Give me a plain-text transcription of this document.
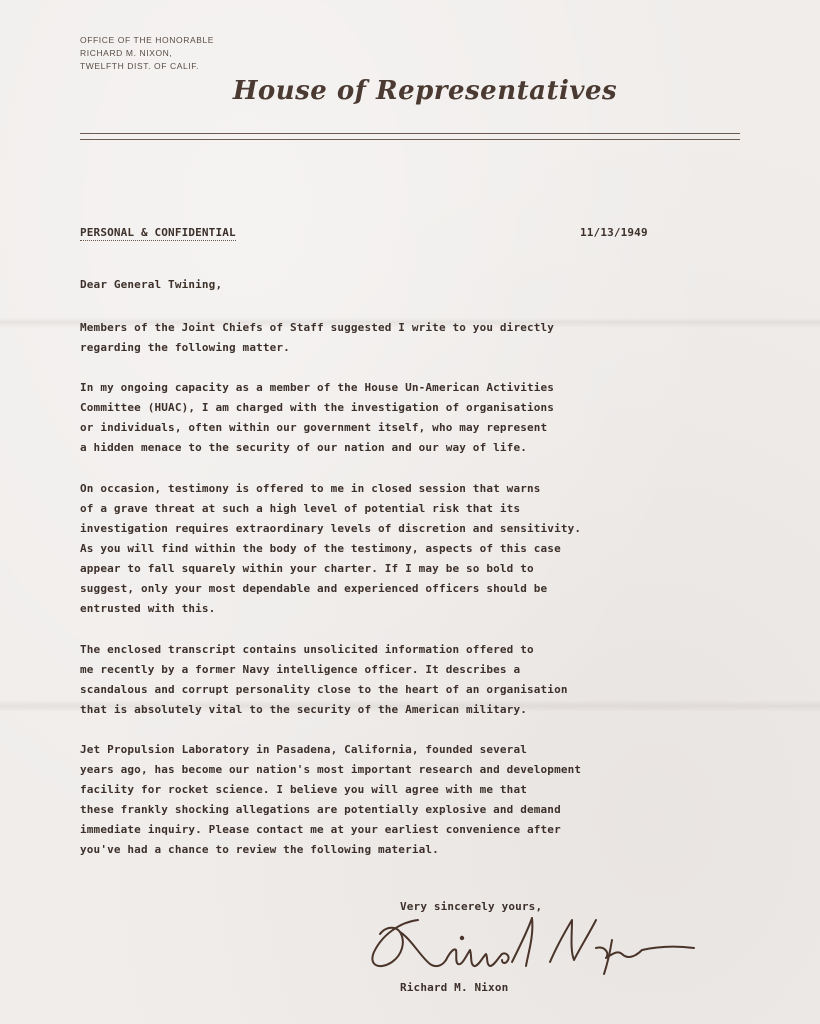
OFFICE OF THE HONORABLE
RICHARD M. NIXON,
TWELFTH DIST. OF CALIF.
House of Representatives
PERSONAL & CONFIDENTIAL	11/13/1949
Dear General Twining,
Members of the Joint Chiefs of Staff suggested I write to you directly
regarding the following matter.
In my ongoing capacity as a member of the House Un-American Activities
Committee (HUAC), I am charged with the investigation of organisations
or individuals, often within our government itself, who may represent
a hidden menace to the security of our nation and our way of life.
On occasion, testimony is offered to me in closed session that warns
of a grave threat at such a high level of potential risk that its
investigation requires extraordinary levels of discretion and sensitivity.
As you will find within the body of the testimony, aspects of this case
appear to fall squarely within your charter. If I may be so bold to
suggest, only your most dependable and experienced officers should be
entrusted with this.
The enclosed transcript contains unsolicited information offered to
me recently by a former Navy intelligence officer. It describes a
scandalous and corrupt personality close to the heart of an organisation
that is absolutely vital to the security of the American military.
Jet Propulsion Laboratory in Pasadena, California, founded several
years ago, has become our nation's most important research and development
facility for rocket science. I believe you will agree with me that
these frankly shocking allegations are potentially explosive and demand
immediate inquiry. Please contact me at your earliest convenience after
you've had a chance to review the following material.
Very sincerely yours,
Richard M. Nixon
